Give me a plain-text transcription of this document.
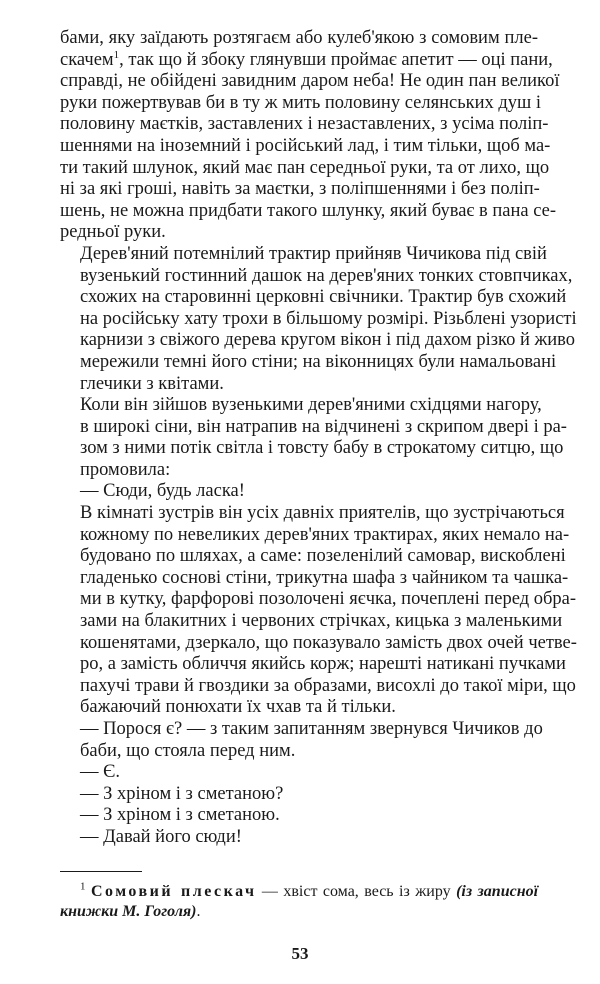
бами, яку заїдають розтягаєм або кулеб'якою з сомовим пле-
скачем$^1$, так що й збоку глянувши проймає апетит — оці пани,
справді, не обійдені завидним даром неба! Не один пан великої
руки пожертвував би в ту ж мить половину селянських душ і
половину маєтків, заставлених і незаставлених, з усіма поліп-
шеннями на іноземний і російський лад, і тим тільки, щоб ма-
ти такий шлунок, який має пан середньої руки, та от лихо, що
ні за які гроші, навіть за маєтки, з поліпшеннями і без поліп-
шень, не можна придбати такого шлунку, який буває в пана се-
редньої руки.
Дерев'яний потемнілий трактир прийняв Чичикова під свій
вузенький гостинний дашок на дерев'яних тонких стовпчиках,
схожих на старовинні церковні свічники. Трактир був схожий
на російську хату трохи в більшому розмірі. Різьблені узористі
карнизи з свіжого дерева кругом вікон і під дахом різко й живо
мережили темні його стіни; на віконницях були намальовані
глечики з квітами.
Коли він зійшов вузенькими дерев'яними східцями нагору,
в широкі сіни, він натрапив на відчинені з скрипом двері і ра-
зом з ними потік світла і товсту бабу в строкатому ситцю, що
промовила:
— Сюди, будь ласка!
В кімнаті зустрів він усіх давніх приятелів, що зустрічаються
кожному по невеликих дерев'яних трактирах, яких немало на-
будовано по шляхах, а саме: позеленілий самовар, вискоблені
гладенько соснові стіни, трикутна шафа з чайником та чашка-
ми в кутку, фарфорові позолочені яєчка, почеплені перед обра-
зами на блакитних і червоних стрічках, кицька з маленькими
кошенятами, дзеркало, що показувало замість двох очей четве-
ро, а замість обличчя якийсь корж; нарешті натикані пучками
пахучі трави й гвоздики за образами, висохлі до такої міри, що
бажаючий понюхати їх чхав та й тільки.
— Порося є? — з таким запитанням звернувся Чичиков до
баби, що стояла перед ним.
— Є.
— З хріном і з сметаною?
— З хріном і з сметаною.
— Давай його сюди!
$^1$ Сомовий плескач — хвіст сома, весь із жиру (із записної книжки М. Гоголя).
53
